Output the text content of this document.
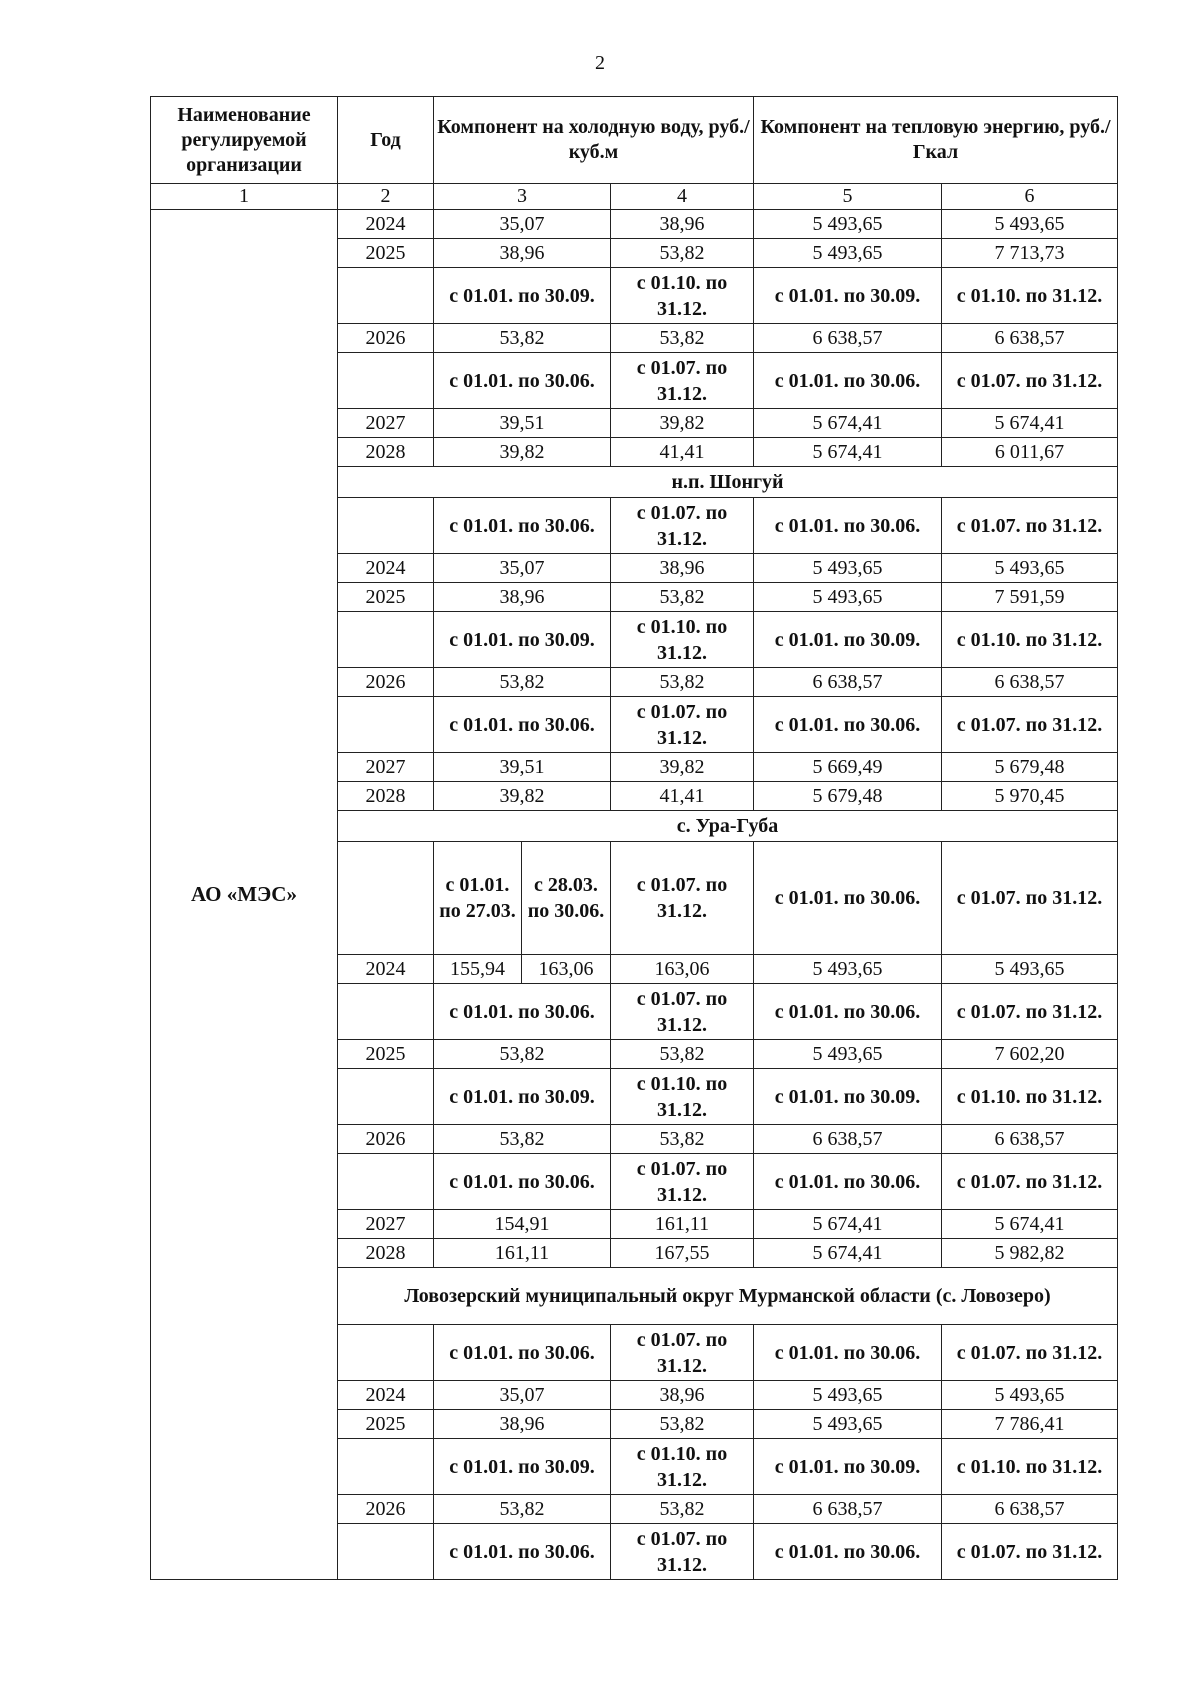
2
Наименование регулируемой организации	Год	Компонент на холодную воду, руб./куб.м			Компонент на тепловую энергию, руб./Гкал	
1	2	3		4	5	6
АО «МЭС»	2024	35,07		38,96	5 493,65	5 493,65
	2025	38,96		53,82	5 493,65	7 713,73
		с 01.01. по 30.09.		с 01.10. по 31.12.	с 01.01. по 30.09.	с 01.10. по 31.12.
	2026	53,82		53,82	6 638,57	6 638,57
		с 01.01. по 30.06.		с 01.07. по 31.12.	с 01.01. по 30.06.	с 01.07. по 31.12.
	2027	39,51		39,82	5 674,41	5 674,41
	2028	39,82		41,41	5 674,41	6 011,67
	н.п. Шонгуй					
		с 01.01. по 30.06.		с 01.07. по 31.12.	с 01.01. по 30.06.	с 01.07. по 31.12.
	2024	35,07		38,96	5 493,65	5 493,65
	2025	38,96		53,82	5 493,65	7 591,59
		с 01.01. по 30.09.		с 01.10. по 31.12.	с 01.01. по 30.09.	с 01.10. по 31.12.
	2026	53,82		53,82	6 638,57	6 638,57
		с 01.01. по 30.06.		с 01.07. по 31.12.	с 01.01. по 30.06.	с 01.07. по 31.12.
	2027	39,51		39,82	5 669,49	5 679,48
	2028	39,82		41,41	5 679,48	5 970,45
	с. Ура-Губа					
		с 01.01. по 27.03.	с 28.03. по 30.06.	с 01.07. по 31.12.	с 01.01. по 30.06.	с 01.07. по 31.12.
	2024	155,94	163,06	163,06	5 493,65	5 493,65
		с 01.01. по 30.06.		с 01.07. по 31.12.	с 01.01. по 30.06.	с 01.07. по 31.12.
	2025	53,82		53,82	5 493,65	7 602,20
		с 01.01. по 30.09.		с 01.10. по 31.12.	с 01.01. по 30.09.	с 01.10. по 31.12.
	2026	53,82		53,82	6 638,57	6 638,57
		с 01.01. по 30.06.		с 01.07. по 31.12.	с 01.01. по 30.06.	с 01.07. по 31.12.
	2027	154,91		161,11	5 674,41	5 674,41
	2028	161,11		167,55	5 674,41	5 982,82
	Ловозерский муниципальный округ Мурманской области (с. Ловозеро)					
		с 01.01. по 30.06.		с 01.07. по 31.12.	с 01.01. по 30.06.	с 01.07. по 31.12.
	2024	35,07		38,96	5 493,65	5 493,65
	2025	38,96		53,82	5 493,65	7 786,41
		с 01.01. по 30.09.		с 01.10. по 31.12.	с 01.01. по 30.09.	с 01.10. по 31.12.
	2026	53,82		53,82	6 638,57	6 638,57
		с 01.01. по 30.06.		с 01.07. по 31.12.	с 01.01. по 30.06.	с 01.07. по 31.12.
